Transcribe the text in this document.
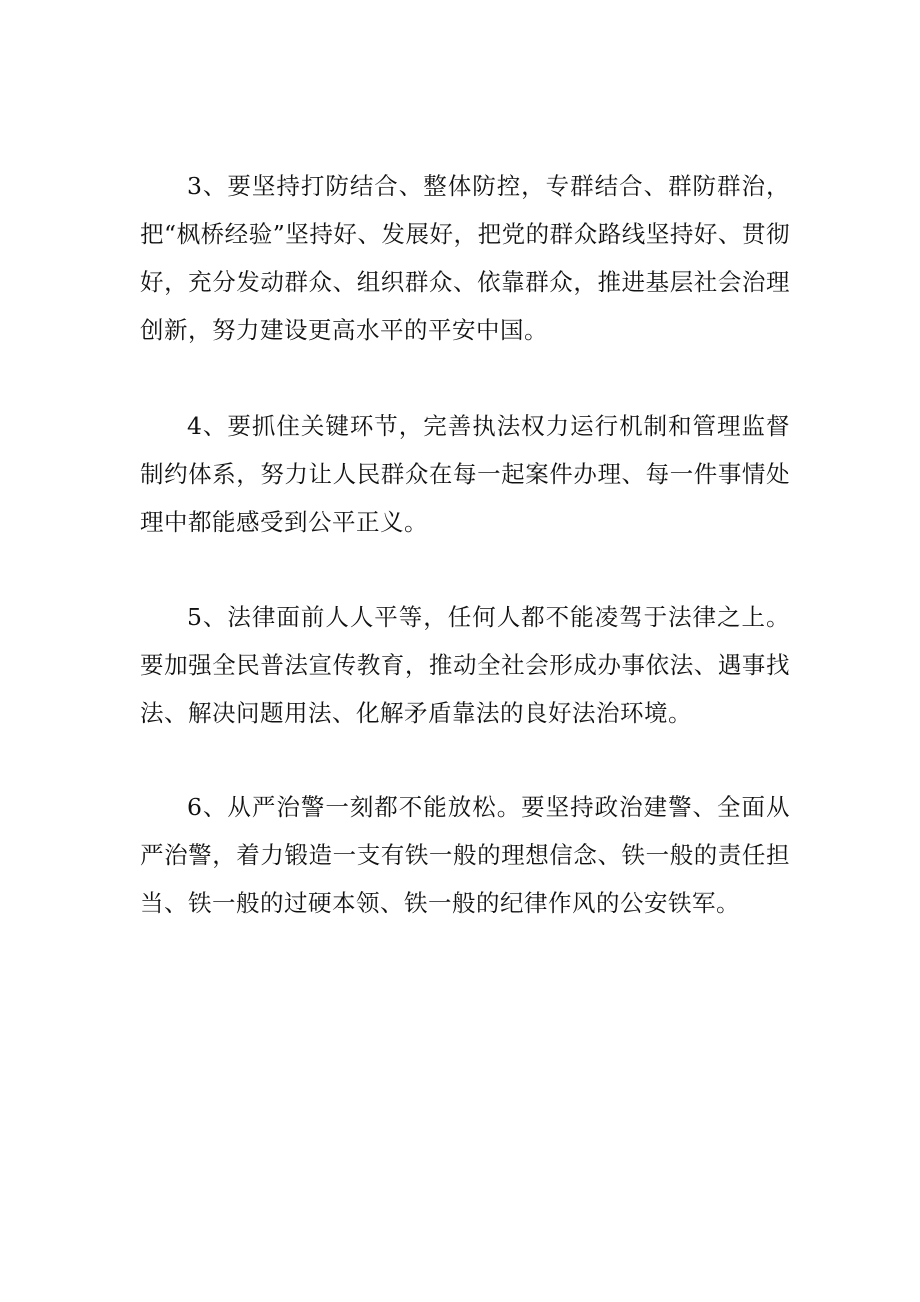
3、要坚持打防结合、整体防控，专群结合、群防群治，把“枫桥经验”坚持好、发展好，把党的群众路线坚持好、贯彻好，充分发动群众、组织群众、依靠群众，推进基层社会治理创新，努力建设更高水平的平安中国。

4、要抓住关键环节，完善执法权力运行机制和管理监督制约体系，努力让人民群众在每一起案件办理、每一件事情处理中都能感受到公平正义。

5、法律面前人人平等，任何人都不能凌驾于法律之上。要加强全民普法宣传教育，推动全社会形成办事依法、遇事找法、解决问题用法、化解矛盾靠法的良好法治环境。

6、从严治警一刻都不能放松。要坚持政治建警、全面从严治警，着力锻造一支有铁一般的理想信念、铁一般的责任担当、铁一般的过硬本领、铁一般的纪律作风的公安铁军。
